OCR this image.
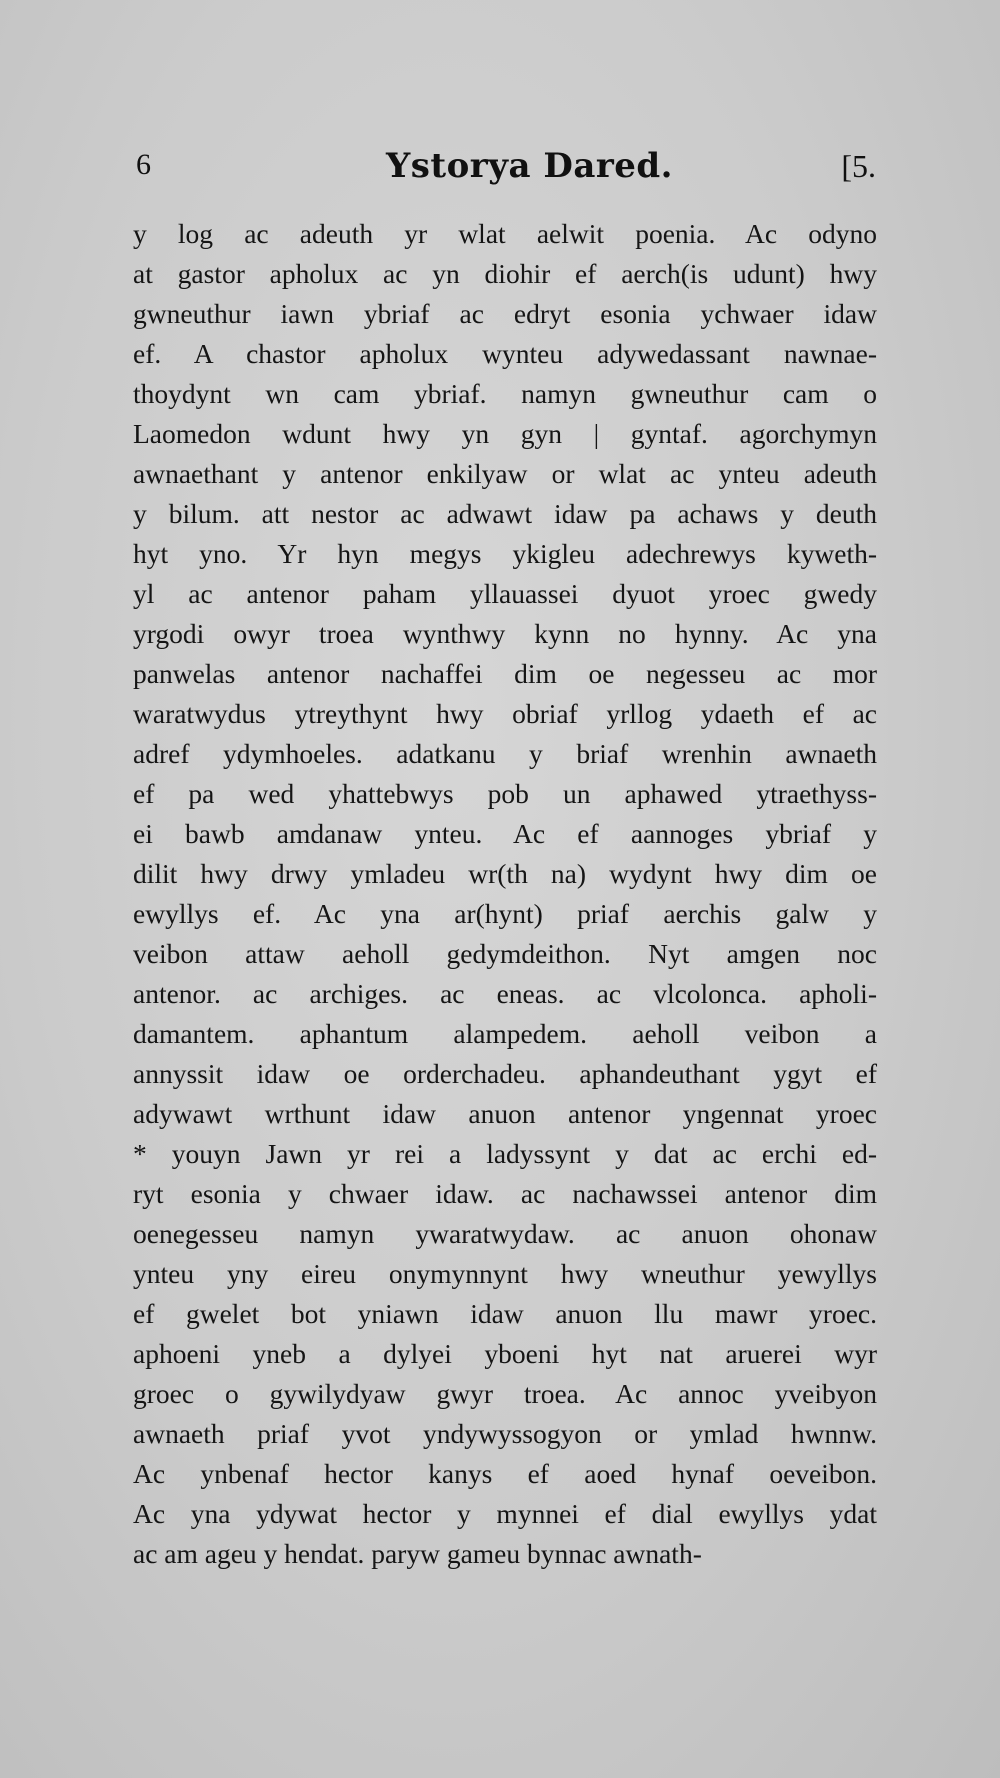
6	Ystorya Dared.	[5.
y log ac adeuth yr wlat aelwit poenia. Ac odyno
at gastor apholux ac yn diohir ef aerch(is udunt) hwy
gwneuthur iawn ybriaf ac edryt esonia ychwaer idaw
ef. A chastor apholux wynteu adywedassant nawnae-
thoydynt wn cam ybriaf. namyn gwneuthur cam o
Laomedon wdunt hwy yn gyn | gyntaf. agorchymyn
awnaethant y antenor enkilyaw or wlat ac ynteu adeuth
y bilum. att nestor ac adwawt idaw pa achaws y deuth
hyt yno. Yr hyn megys ykigleu adechrewys kyweth-
yl ac antenor paham yllauassei dyuot yroec gwedy
yrgodi owyr troea wynthwy kynn no hynny. Ac yna
panwelas antenor nachaffei dim oe negesseu ac mor
waratwydus ytreythynt hwy obriaf yrllog ydaeth ef ac
adref ydymhoeles. adatkanu y briaf wrenhin awnaeth
ef pa wed yhattebwys pob un aphawed ytraethyss-
ei bawb amdanaw ynteu. Ac ef aannoges ybriaf y
dilit hwy drwy ymladeu wr(th na) wydynt hwy dim oe
ewyllys ef. Ac yna ar(hynt) priaf aerchis galw y
veibon attaw aeholl gedymdeithon. Nyt amgen noc
antenor. ac archiges. ac eneas. ac vlcolonca. apholi-
damantem. aphantum alampedem. aeholl veibon a
annyssit idaw oe orderchadeu. aphandeuthant ygyt ef
adywawt wrthunt idaw anuon antenor yngennat yroec
* youyn Jawn yr rei a ladyssynt y dat ac erchi ed-
ryt esonia y chwaer idaw. ac nachawssei antenor dim
oenegesseu namyn ywaratwydaw. ac anuon ohonaw
ynteu yny eireu onymynnynt hwy wneuthur yewyllys
ef gwelet bot yniawn idaw anuon llu mawr yroec.
aphoeni yneb a dylyei yboeni hyt nat aruerei wyr
groec o gywilydyaw gwyr troea. Ac annoc yveibyon
awnaeth priaf yvot yndywyssogyon or ymlad hwnnw.
Ac ynbenaf hector kanys ef aoed hynaf oeveibon.
Ac yna ydywat hector y mynnei ef dial ewyllys ydat
ac am ageu y hendat. paryw gameu bynnac awnath-
